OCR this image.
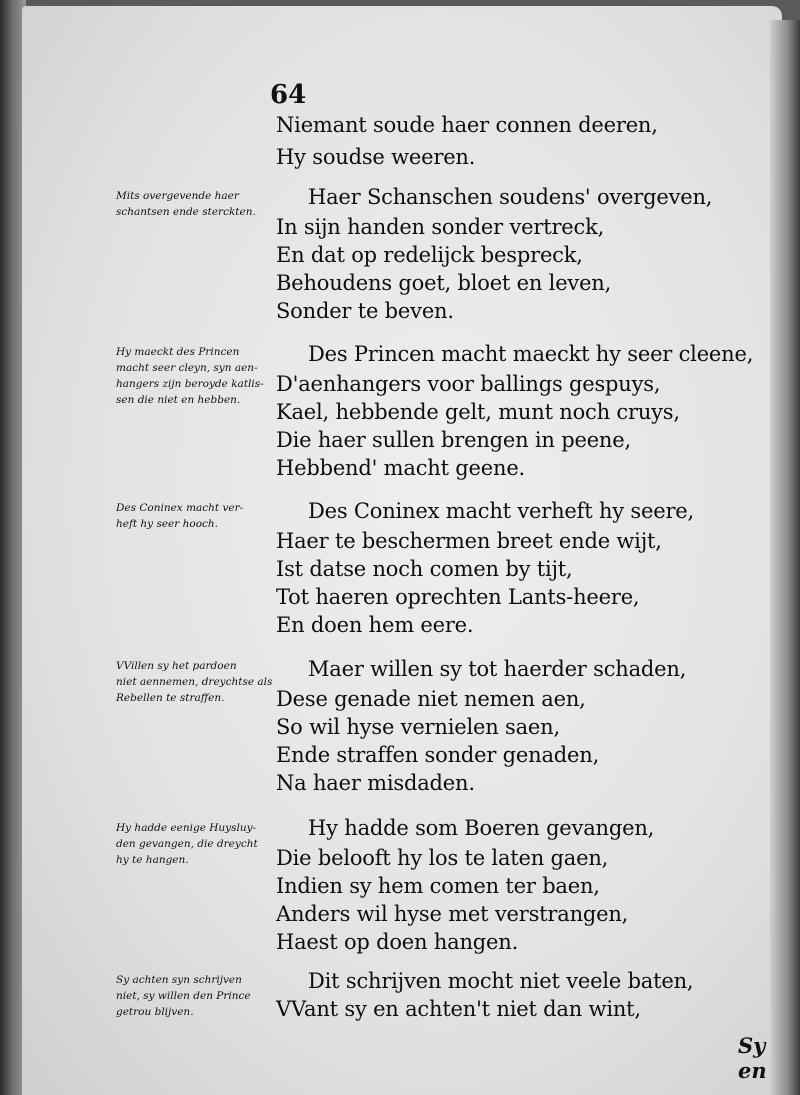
64
Niemant soude haer connen deeren,
Hy soudse weeren.
Mits overgevende haer
schantsen ende sterckten.
Haer Schanschen soudens' overgeven,
In sijn handen sonder vertreck,
En dat op redelijck bespreck,
Behoudens goet, bloet en leven,
Sonder te beven.
Hy maeckt des Princen
macht seer cleyn, syn aen-
hangers zijn beroyde katlis-
sen die niet en hebben.
Des Princen macht maeckt hy seer cleene,
D'aenhangers voor ballings gespuys,
Kael, hebbende gelt, munt noch cruys,
Die haer sullen brengen in peene,
Hebbend' macht geene.
Des Coninex macht ver-
heft hy seer hooch.
Des Coninex macht verheft hy seere,
Haer te beschermen breet ende wijt,
Ist datse noch comen by tijt,
Tot haeren oprechten Lants-heere,
En doen hem eere.
VVillen sy het pardoen
niet aennemen, dreychtse als
Rebellen te straffen.
Maer willen sy tot haerder schaden,
Dese genade niet nemen aen,
So wil hyse vernielen saen,
Ende straffen sonder genaden,
Na haer misdaden.
Hy hadde eenige Huysluy-
den gevangen, die dreycht
hy te hangen.
Hy hadde som Boeren gevangen,
Die belooft hy los te laten gaen,
Indien sy hem comen ter baen,
Anders wil hyse met verstrangen,
Haest op doen hangen.
Sy achten syn schrijven
niet, sy willen den Prince
getrou blijven.
Dit schrijven mocht niet veele baten,
VVant sy en achten't niet dan wint,
Sy en
